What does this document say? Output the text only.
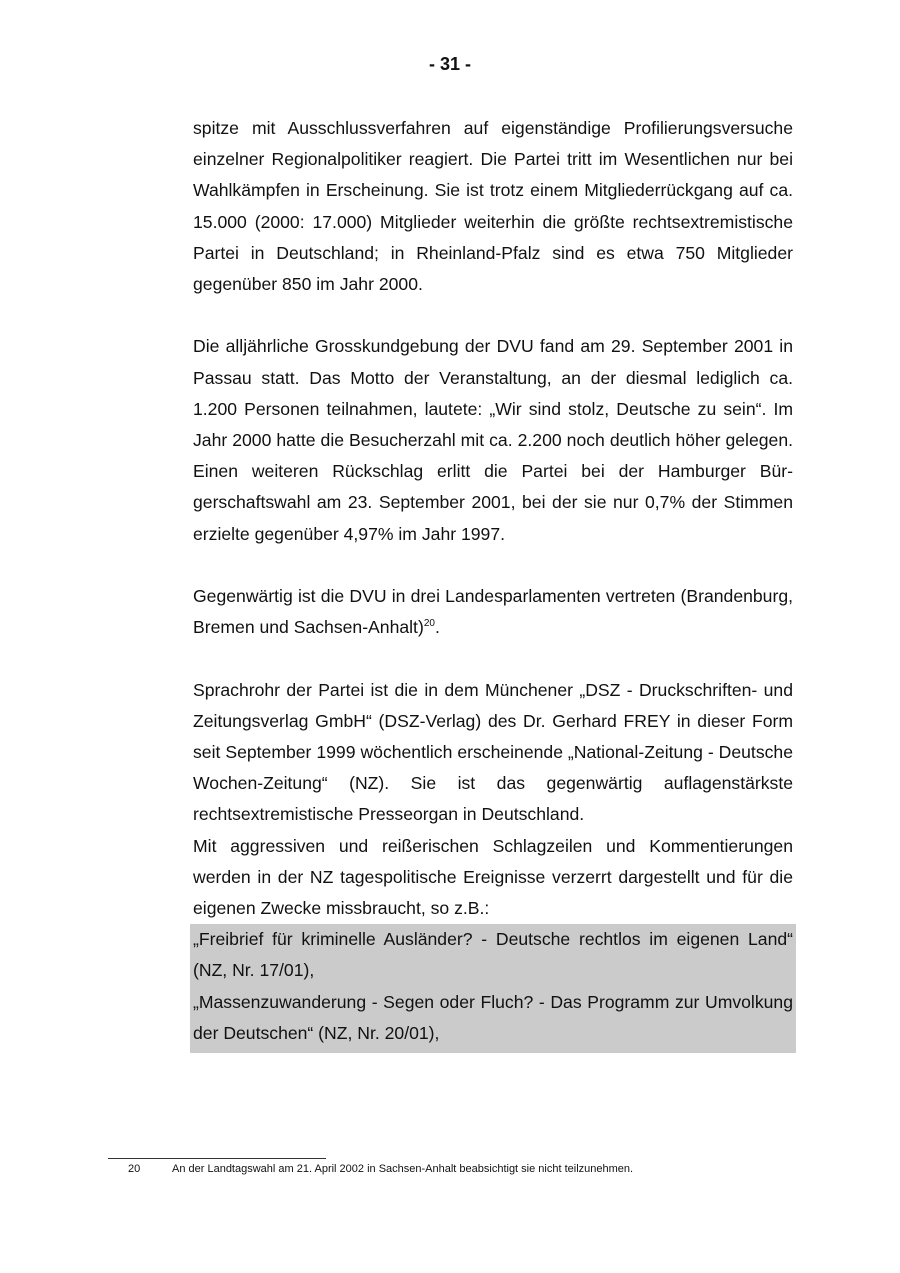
- 31 -

spitze mit Ausschlussverfahren auf eigenständige Profilierungsversuche einzelner Regionalpolitiker reagiert. Die Partei tritt im Wesentlichen nur bei Wahlkämpfen in Erscheinung. Sie ist trotz einem Mitgliederrückgang auf ca. 15.000 (2000: 17.000) Mitglieder weiterhin die größte rechtsextremistische Partei in Deutschland; in Rheinland-Pfalz sind es etwa 750 Mitglieder gegenüber 850 im Jahr 2000.

Die alljährliche Grosskundgebung der DVU fand am 29. September 2001 in Passau statt. Das Motto der Veranstaltung, an der diesmal lediglich ca. 1.200 Personen teilnahmen, lautete: „Wir sind stolz, Deutsche zu sein“. Im Jahr 2000 hatte die Besucherzahl mit ca. 2.200 noch deutlich höher gelegen. Einen weiteren Rückschlag erlitt die Partei bei der Hamburger Bürgerschaftswahl am 23. September 2001, bei der sie nur 0,7% der Stimmen erzielte gegenüber 4,97% im Jahr 1997.

Gegenwärtig ist die DVU in drei Landesparlamenten vertreten (Brandenburg, Bremen und Sachsen-Anhalt)$^{20}$.

Sprachrohr der Partei ist die in dem Münchener „DSZ - Druckschriften- und Zeitungsverlag GmbH“ (DSZ-Verlag) des Dr. Gerhard FREY in dieser Form seit September 1999 wöchentlich erscheinende „National-Zeitung - Deutsche Wochen-Zeitung“ (NZ). Sie ist das gegenwärtig auflagenstärkste rechtsextremistische Presseorgan in Deutschland.

Mit aggressiven und reißerischen Schlagzeilen und Kommentierungen werden in der NZ tagespolitische Ereignisse verzerrt dargestellt und für die eigenen Zwecke missbraucht, so z.B.:

„Freibrief für kriminelle Ausländer? - Deutsche rechtlos im eigenen Land“ (NZ, Nr. 17/01),

„Massenzuwanderung - Segen oder Fluch? - Das Programm zur Umvolkung der Deutschen“ (NZ, Nr. 20/01),

20	An der Landtagswahl am 21. April 2002 in Sachsen-Anhalt beabsichtigt sie nicht teilzunehmen.
